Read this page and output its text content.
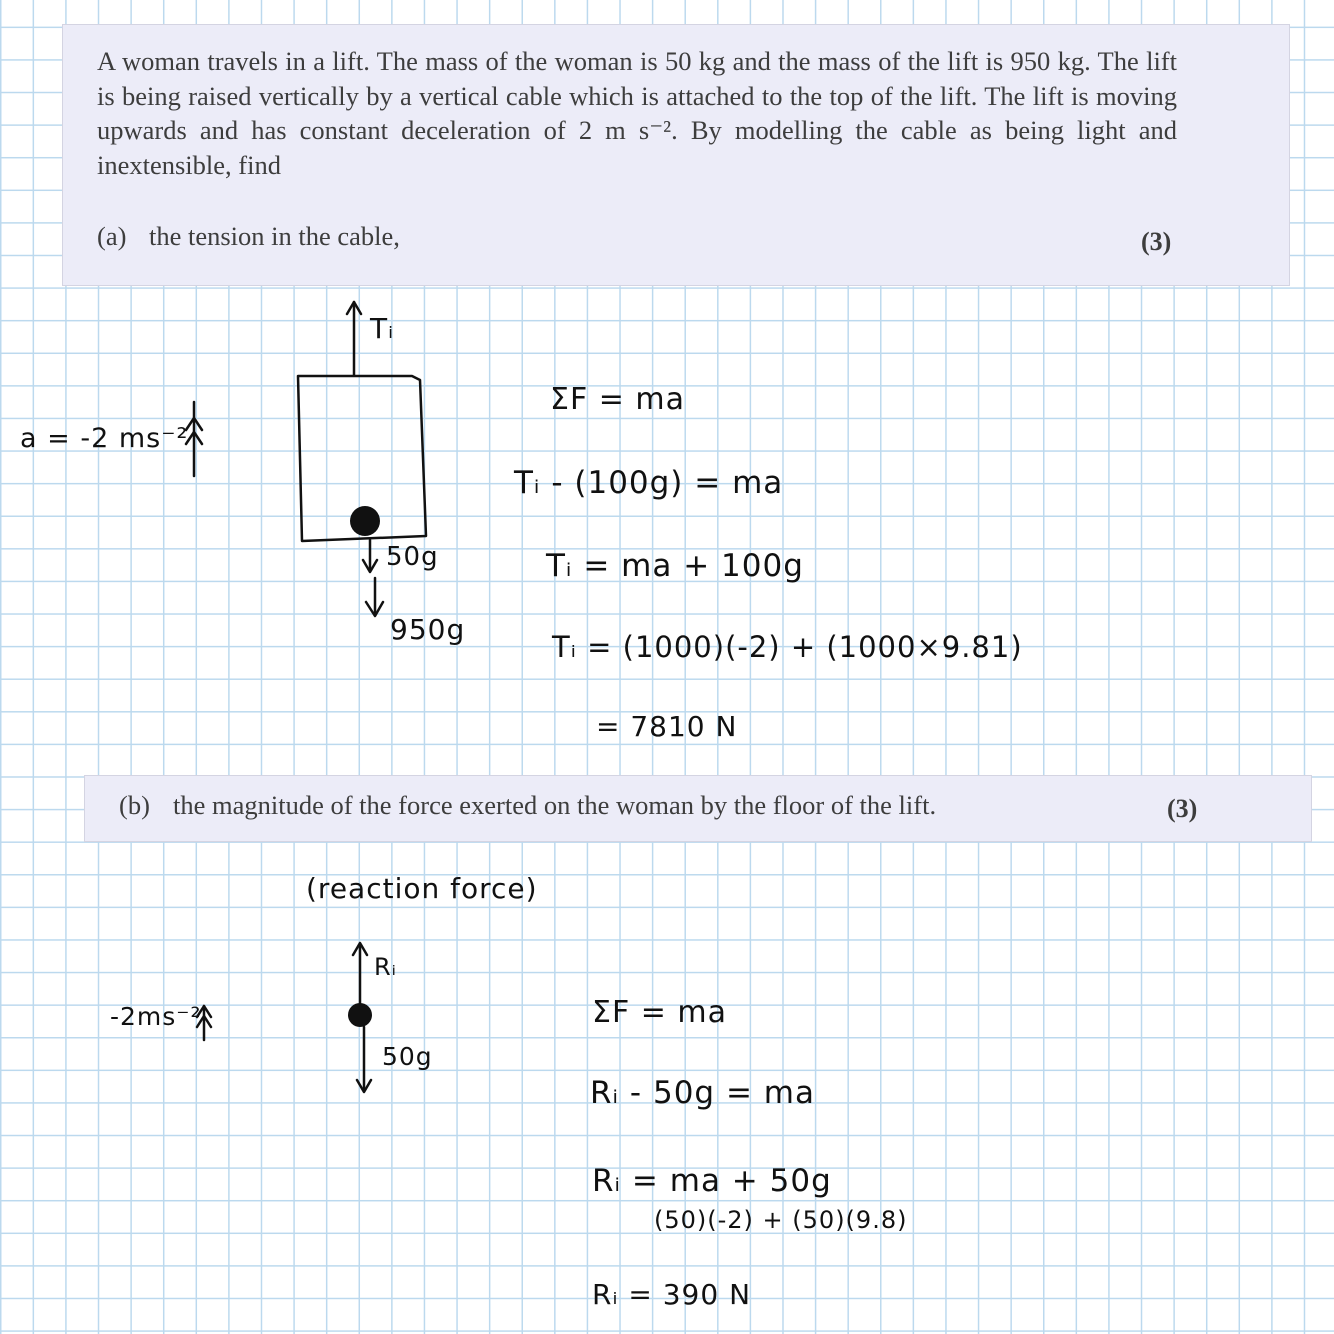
A woman travels in a lift. The mass of the woman is 50 kg and the mass of the lift is 950 kg. The lift is being raised vertically by a vertical cable which is attached to the top of the lift. The lift is moving upwards and has constant deceleration of 2 m s⁻². By modelling the cable as being light and inextensible, find

(a) the tension in the cable,	(3)
(b) the magnitude of the force exerted on the woman by the floor of the lift.	(3)
a = -2 ms⁻²
Tᵢ
50g
950g
ΣF = ma
Tᵢ - (100g) = ma
Tᵢ = ma + 100g
Tᵢ = (1000)(-2) + (1000×9.81)
= 7810 N
(reaction force)
-2ms⁻²
Rᵢ
50g
ΣF = ma
Rᵢ - 50g = ma
Rᵢ = ma + 50g
(50)(-2) + (50)(9.8)
Rᵢ = 390 N
